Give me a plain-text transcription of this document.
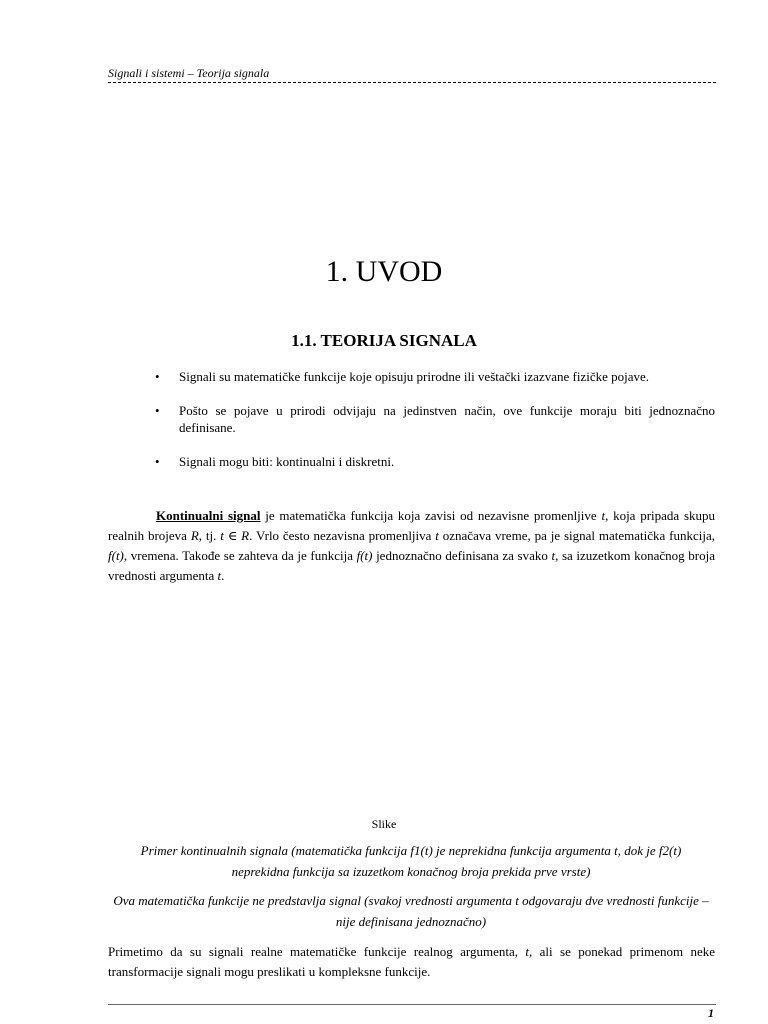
Signali i sistemi – Teorija signala
1. UVOD
1.1. TEORIJA SIGNALA
• Signali su matematičke funkcije koje opisuju prirodne ili veštački izazvane fizičke pojave.
• Pošto se pojave u prirodi odvijaju na jedinstven način, ove funkcije moraju biti jednoznačno definisane.
• Signali mogu biti: kontinualni i diskretni.
Kontinualni signal je matematička funkcija koja zavisi od nezavisne promenljive t, koja pripada skupu realnih brojeva R, tj. t ∈ R. Vrlo često nezavisna promenljiva t označava vreme, pa je signal matematička funkcija, f(t), vremena. Takođe se zahteva da je funkcija f(t) jednoznačno definisana za svako t, sa izuzetkom konačnog broja vrednosti argumenta t.
Slike
Primer kontinualnih signala (matematička funkcija f1(t) je neprekidna funkcija argumenta t, dok je f2(t) neprekidna funkcija sa izuzetkom konačnog broja prekida prve vrste)
Ova matematička funkcije ne predstavlja signal (svakoj vrednosti argumenta t odgovaraju dve vrednosti funkcije – nije definisana jednoznačno)
Primetimo da su signali realne matematičke funkcije realnog argumenta, t, ali se ponekad primenom neke transformacije signali mogu preslikati u kompleksne funkcije.
1
